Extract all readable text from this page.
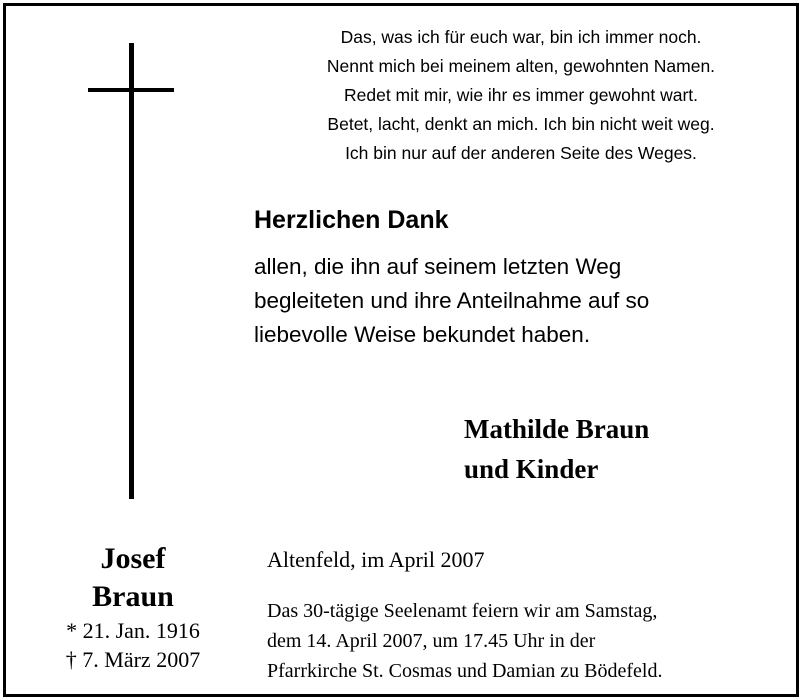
Das, was ich für euch war, bin ich immer noch.
Nennt mich bei meinem alten, gewohnten Namen.
Redet mit mir, wie ihr es immer gewohnt wart.
Betet, lacht, denkt an mich. Ich bin nicht weit weg.
Ich bin nur auf der anderen Seite des Weges.
Herzlichen Dank
allen, die ihn auf seinem letzten Weg
begleiteten und ihre Anteilnahme auf so
liebevolle Weise bekundet haben.
Mathilde Braun
und Kinder
Josef
Braun
* 21. Jan. 1916
† 7. März 2007
Altenfeld, im April 2007
Das 30-tägige Seelenamt feiern wir am Samstag,
dem 14. April 2007, um 17.45 Uhr in der
Pfarrkirche St. Cosmas und Damian zu Bödefeld.
